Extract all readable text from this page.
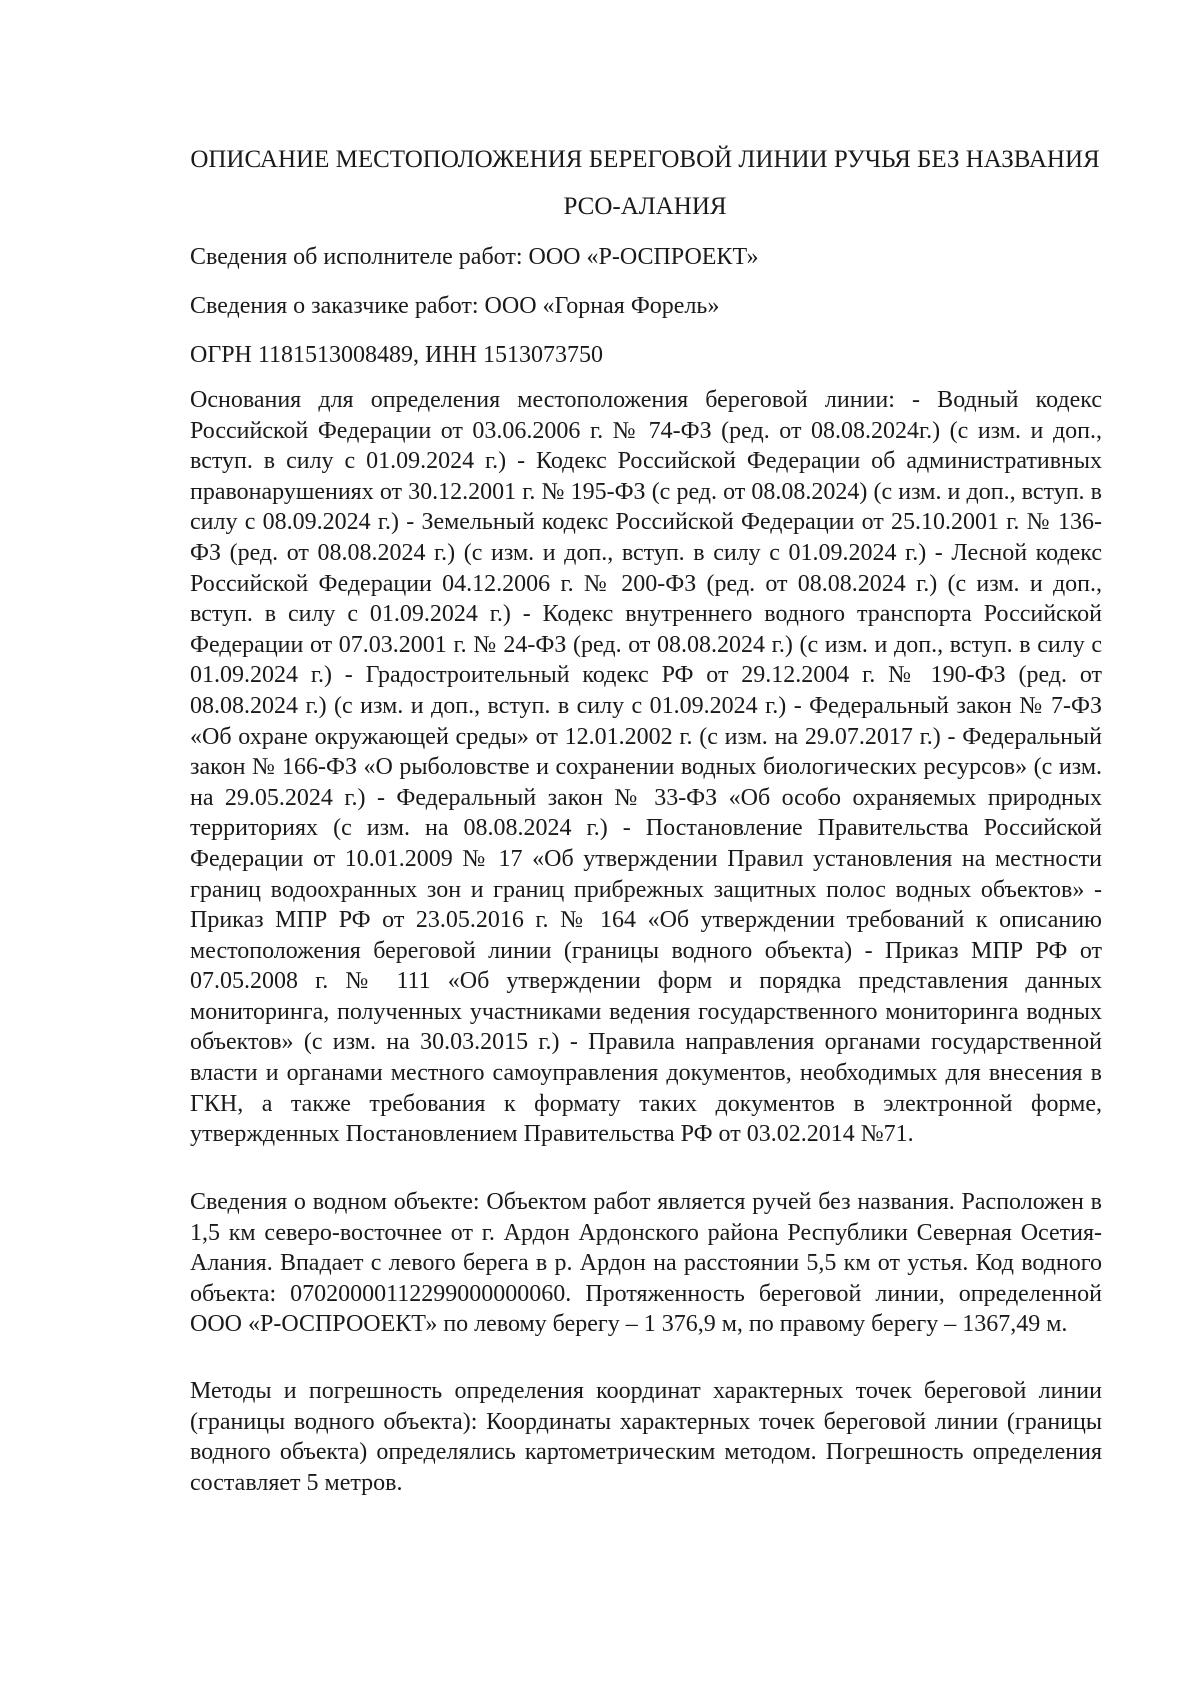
ОПИСАНИЕ МЕСТОПОЛОЖЕНИЯ БЕРЕГОВОЙ ЛИНИИ РУЧЬЯ БЕЗ НАЗВАНИЯ
РСО-АЛАНИЯ
Сведения об исполнителе работ: ООО «Р-ОСПРОЕКТ»
Сведения о заказчике работ: ООО «Горная Форель»
ОГРН 1181513008489, ИНН 1513073750
Основания для определения местоположения береговой линии: - Водный кодекс Российской Федерации от 03.06.2006 г. № 74-ФЗ (ред. от 08.08.2024г.) (с изм. и доп., вступ. в силу с 01.09.2024 г.) - Кодекс Российской Федерации об административных правонарушениях от 30.12.2001 г. № 195-ФЗ (с ред. от 08.08.2024) (с изм. и доп., вступ. в силу с 08.09.2024 г.) - Земельный кодекс Российской Федерации от 25.10.2001 г. № 136-ФЗ (ред. от 08.08.2024 г.) (с изм. и доп., вступ. в силу с 01.09.2024 г.) - Лесной кодекс Российской Федерации 04.12.2006 г. № 200-ФЗ (ред. от 08.08.2024 г.) (с изм. и доп., вступ. в силу с 01.09.2024 г.) - Кодекс внутреннего водного транспорта Российской Федерации от 07.03.2001 г. № 24-ФЗ (ред. от 08.08.2024 г.) (с изм. и доп., вступ. в силу с 01.09.2024 г.) - Градостроительный кодекс РФ от 29.12.2004 г. № 190-ФЗ (ред. от 08.08.2024 г.) (с изм. и доп., вступ. в силу с 01.09.2024 г.) - Федеральный закон № 7-ФЗ «Об охране окружающей среды» от 12.01.2002 г. (с изм. на 29.07.2017 г.) - Федеральный закон № 166-ФЗ «О рыболовстве и сохранении водных биологических ресурсов» (с изм. на 29.05.2024 г.) - Федеральный закон № 33-ФЗ «Об особо охраняемых природных территориях (с изм. на 08.08.2024 г.) - Постановление Правительства Российской Федерации от 10.01.2009 № 17 «Об утверждении Правил установления на местности границ водоохранных зон и границ прибрежных защитных полос водных объектов» - Приказ МПР РФ от 23.05.2016 г. № 164 «Об утверждении требований к описанию местоположения береговой линии (границы водного объекта) - Приказ МПР РФ от 07.05.2008 г. № 111 «Об утверждении форм и порядка представления данных мониторинга, полученных участниками ведения государственного мониторинга водных объектов» (с изм. на 30.03.2015 г.) - Правила направления органами государственной власти и органами местного самоуправления документов, необходимых для внесения в ГКН, а также требования к формату таких документов в электронной форме, утвержденных Постановлением Правительства РФ от 03.02.2014 №71.
Сведения о водном объекте: Объектом работ является ручей без названия. Расположен в 1,5 км северо-восточнее от г. Ардон Ардонского района Республики Северная Осетия-Алания. Впадает с левого берега в р. Ардон на расстоянии 5,5 км от устья. Код водного объекта: 07020000112299000000060. Протяженность береговой линии, определенной ООО «Р-ОСПРООЕКТ» по левому берегу – 1 376,9 м, по правому берегу – 1367,49 м.
Методы и погрешность определения координат характерных точек береговой линии (границы водного объекта): Координаты характерных точек береговой линии (границы водного объекта) определялись картометрическим методом. Погрешность определения составляет 5 метров.
